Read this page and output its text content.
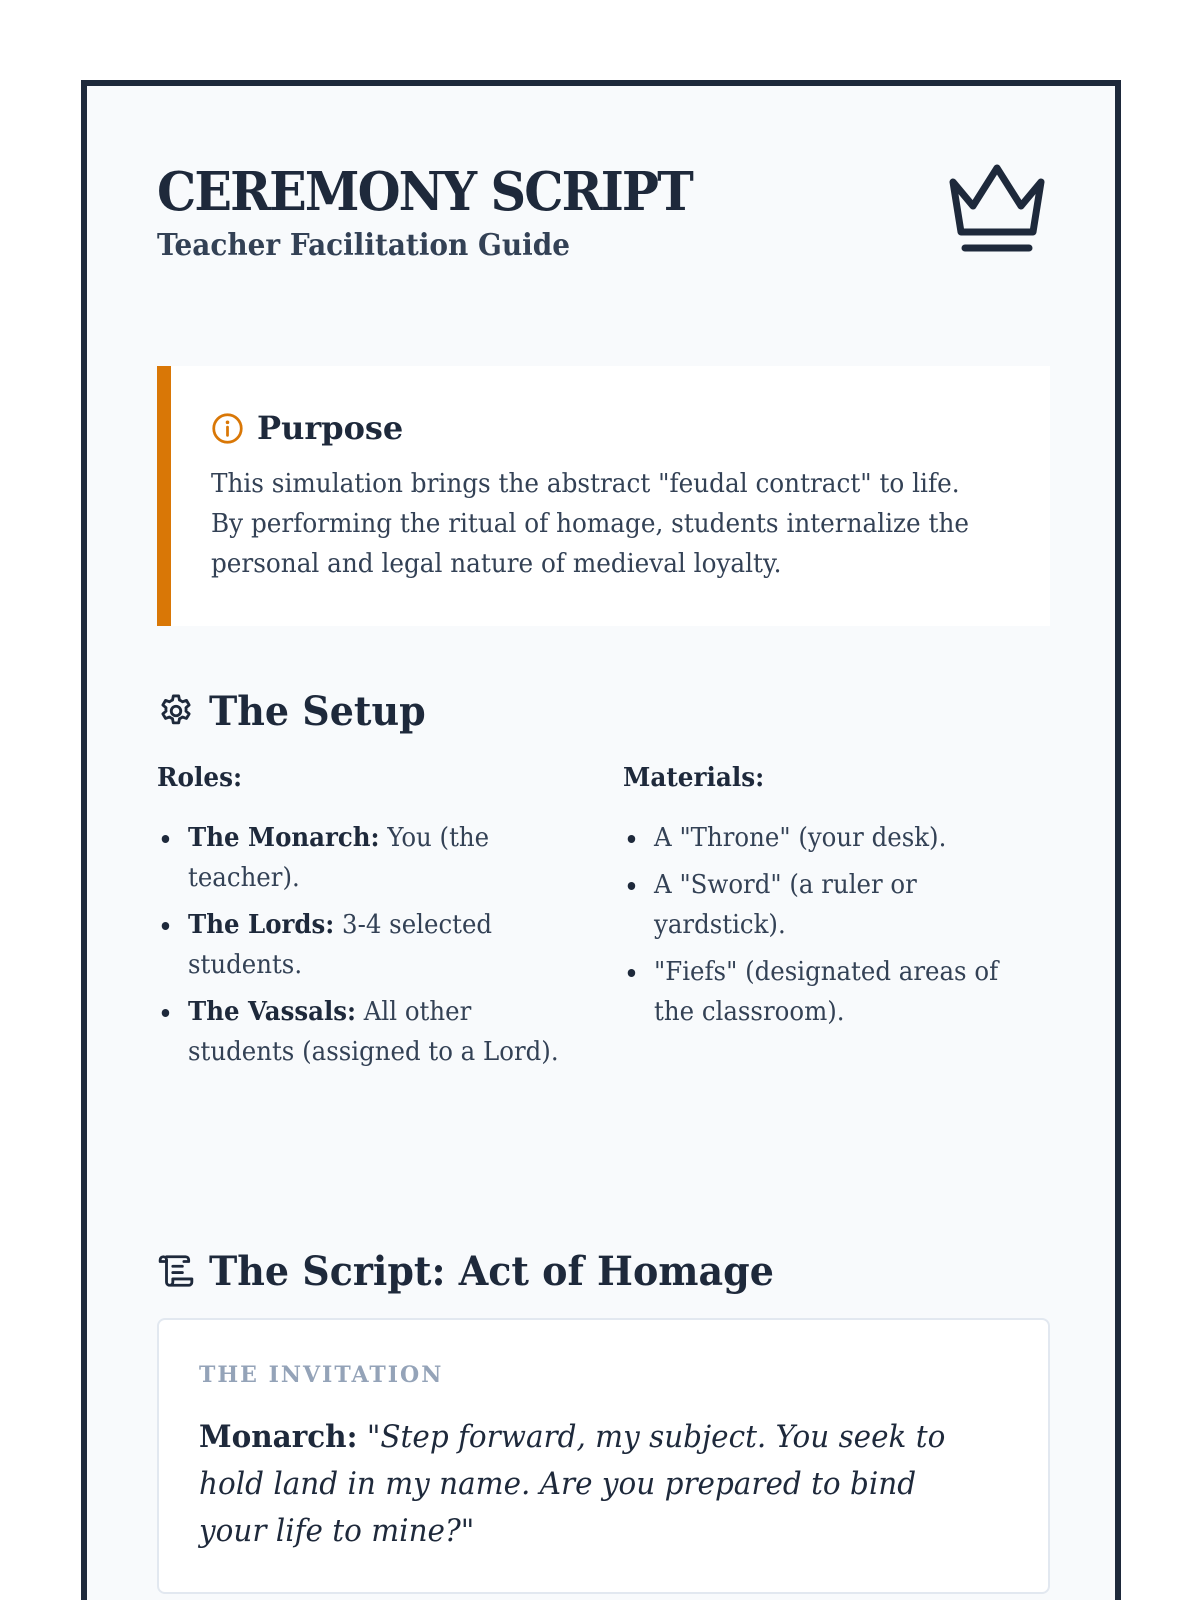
CEREMONY SCRIPT
Teacher Facilitation Guide
Purpose
This simulation brings the abstract "feudal contract" to life. By performing the ritual of homage, students internalize the personal and legal nature of medieval loyalty.
The Setup
Roles:
The Monarch: You (the teacher).
The Lords: 3-4 selected students.
The Vassals: All other students (assigned to a Lord).
Materials:
A "Throne" (your desk).
A "Sword" (a ruler or yardstick).
"Fiefs" (designated areas of the classroom).
The Script: Act of Homage
THE INVITATION
Monarch: "Step forward, my subject. You seek to hold land in my name. Are you prepared to bind your life to mine?"
